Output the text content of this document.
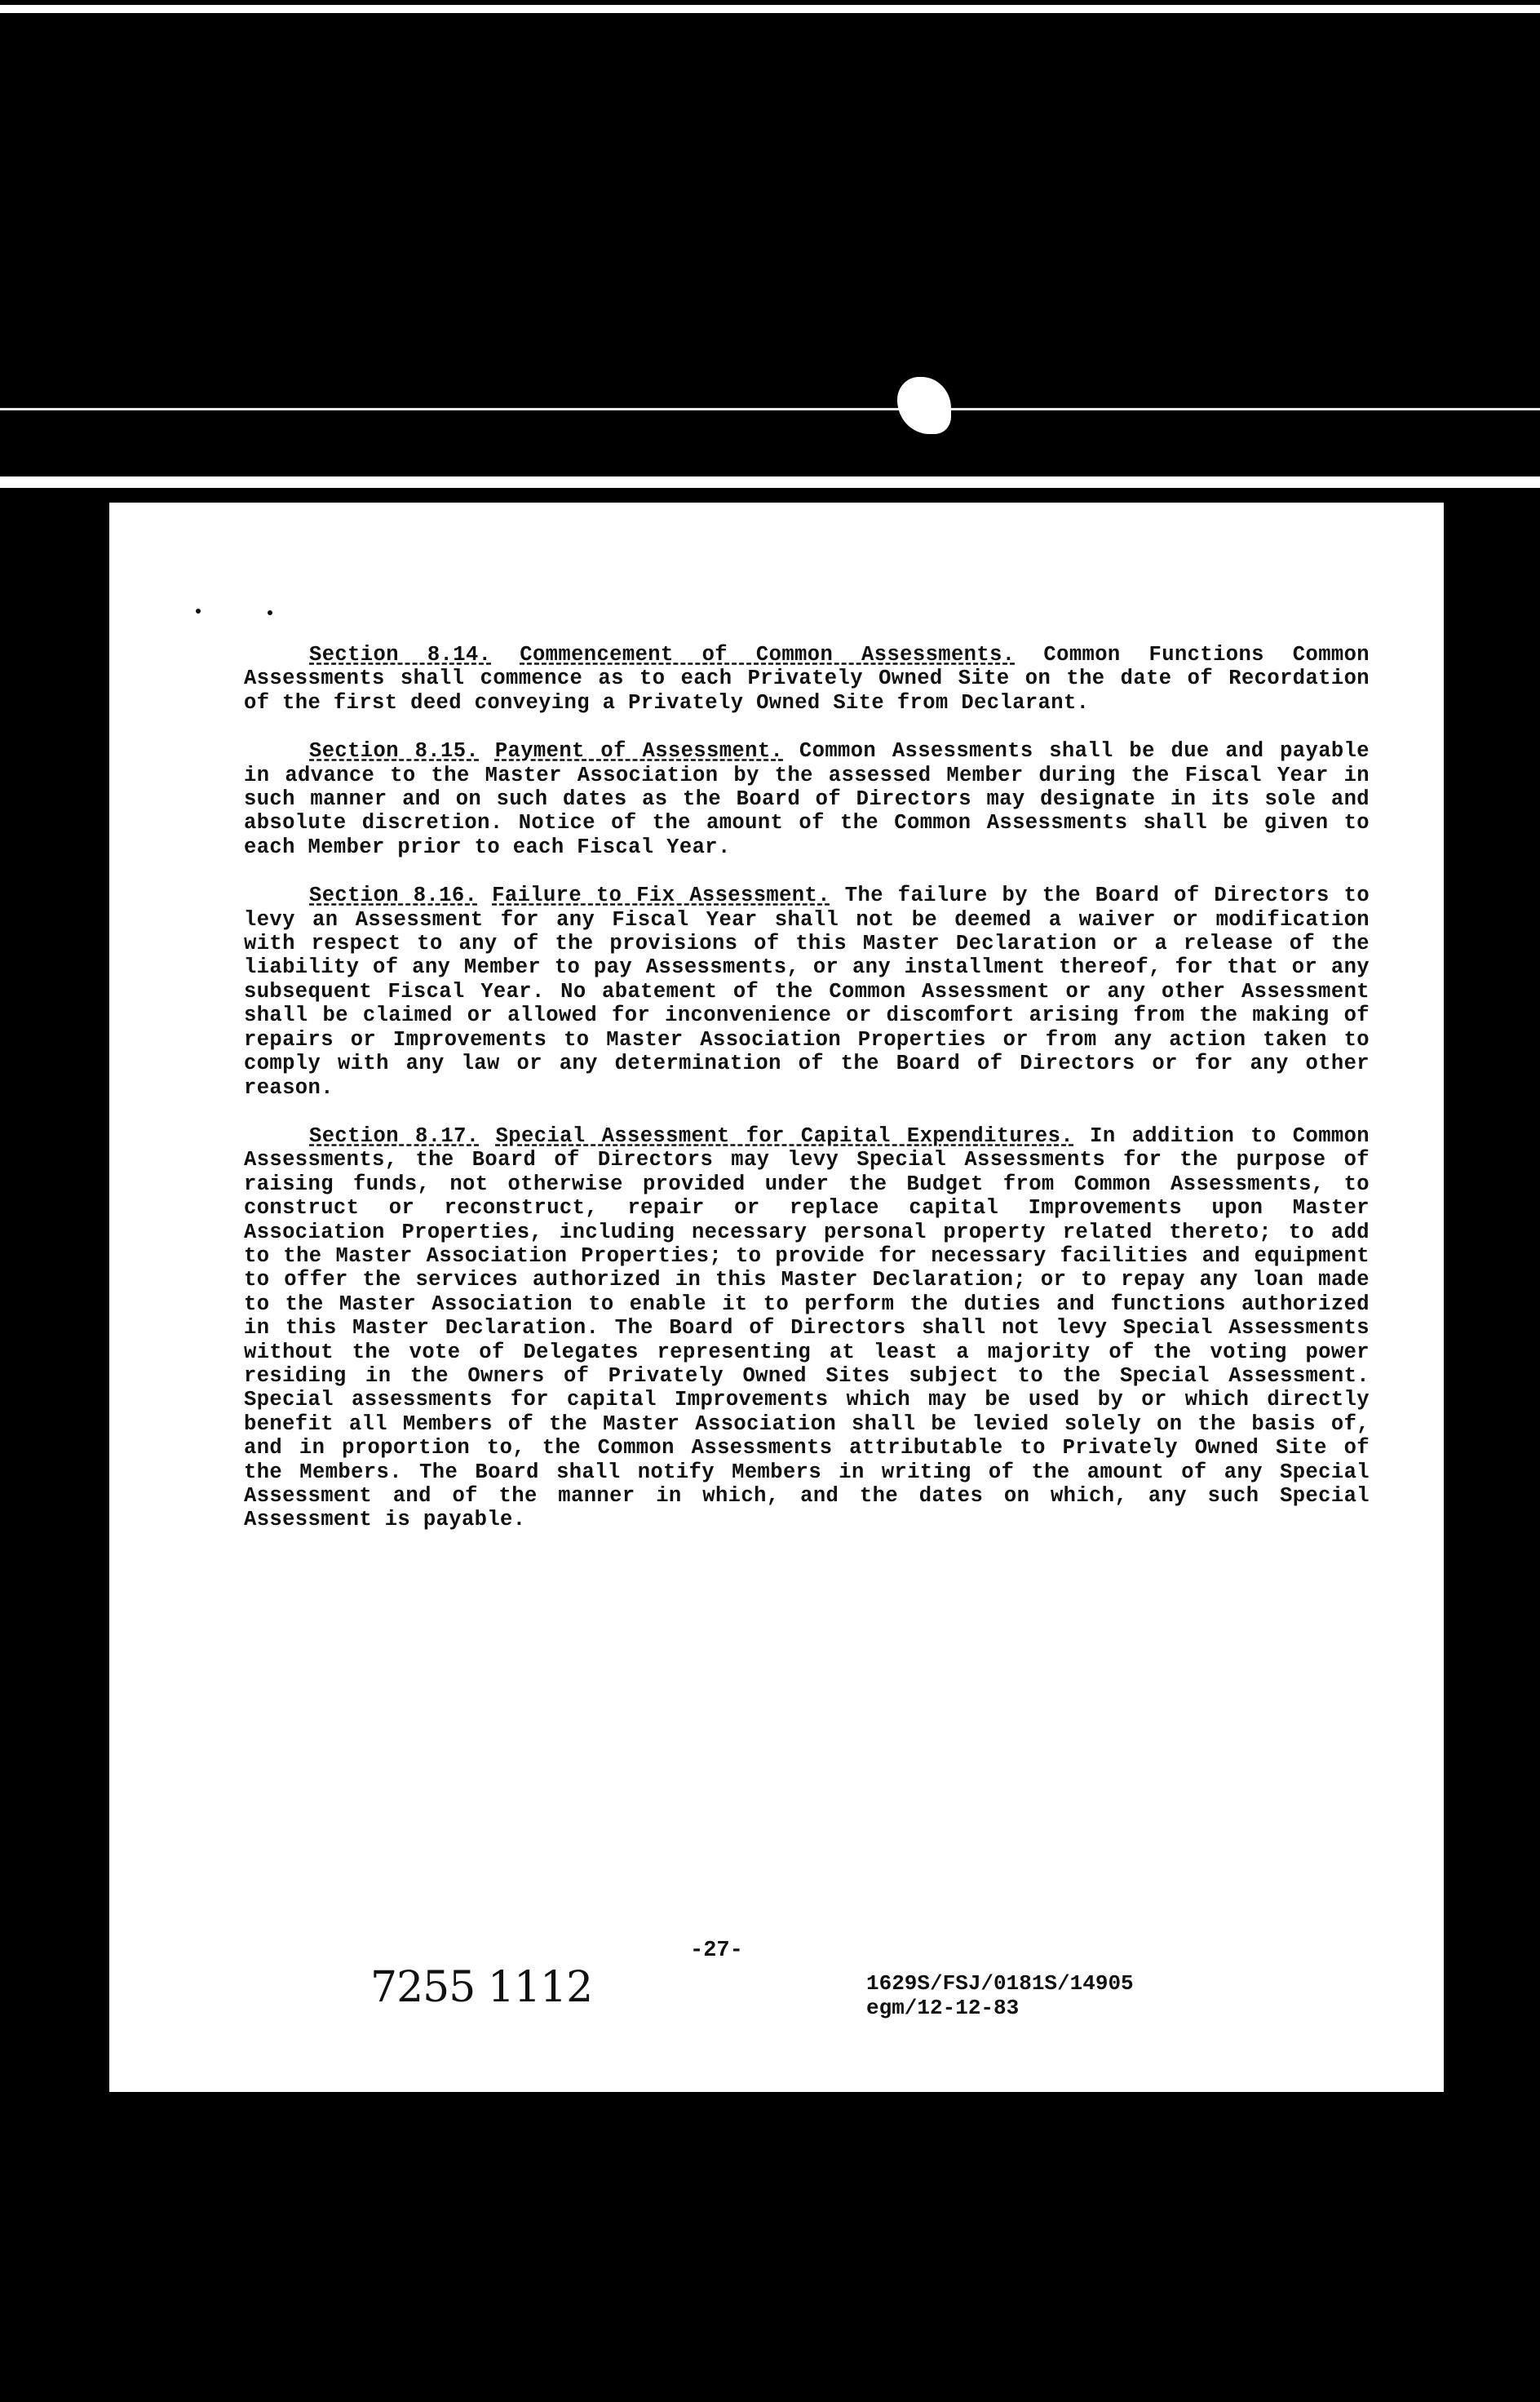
Section 8.14. Commencement of Common Assessments. Common Functions Common Assessments shall commence as to each Privately Owned Site on the date of Recordation of the first deed conveying a Privately Owned Site from Declarant.

Section 8.15. Payment of Assessment. Common Assessments shall be due and payable in advance to the Master Association by the assessed Member during the Fiscal Year in such manner and on such dates as the Board of Directors may designate in its sole and absolute discretion. Notice of the amount of the Common Assessments shall be given to each Member prior to each Fiscal Year.

Section 8.16. Failure to Fix Assessment. The failure by the Board of Directors to levy an Assessment for any Fiscal Year shall not be deemed a waiver or modification with respect to any of the provisions of this Master Declaration or a release of the liability of any Member to pay Assessments, or any installment thereof, for that or any subsequent Fiscal Year. No abatement of the Common Assessment or any other Assessment shall be claimed or allowed for inconvenience or discomfort arising from the making of repairs or Improvements to Master Association Properties or from any action taken to comply with any law or any determination of the Board of Directors or for any other reason.

Section 8.17. Special Assessment for Capital Expenditures. In addition to Common Assessments, the Board of Directors may levy Special Assessments for the purpose of raising funds, not otherwise provided under the Budget from Common Assessments, to construct or reconstruct, repair or replace capital Improvements upon Master Association Properties, including necessary personal property related thereto; to add to the Master Association Properties; to provide for necessary facilities and equipment to offer the services authorized in this Master Declaration; or to repay any loan made to the Master Association to enable it to perform the duties and functions authorized in this Master Declaration. The Board of Directors shall not levy Special Assessments without the vote of Delegates representing at least a majority of the voting power residing in the Owners of Privately Owned Sites subject to the Special Assessment. Special assessments for capital Improvements which may be used by or which directly benefit all Members of the Master Association shall be levied solely on the basis of, and in proportion to, the Common Assessments attributable to Privately Owned Site of the Members. The Board shall notify Members in writing of the amount of any Special Assessment and of the manner in which, and the dates on which, any such Special Assessment is payable.

-27-
7255 1112	1629S/FSJ/0181S/14905
egm/12-12-83
